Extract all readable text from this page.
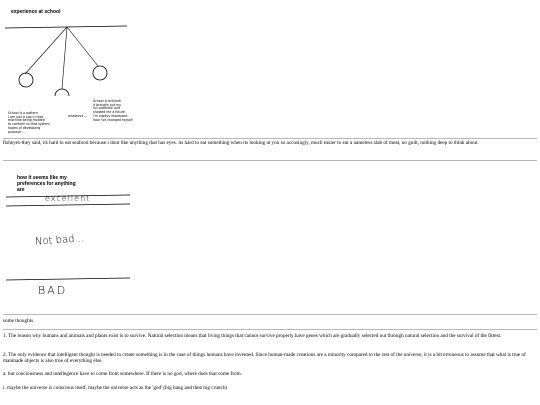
experience at school
School is a pattern.
I am just a cog in that
machine being molded
to conform to that system
hopes of developing
purpose ...
whatevvs ...
School is brilliant!
It brought out my
full potential and
showed me a future.
I'm always impressed
how i've changed myself
fisheyes-they said, its hard to eat seafood because i dont like anything that has eyes. its hard to eat something when its looking at you so accusingly, much easier to eat a nameless slab of meat, no guilt, nothing deep to think about.
how it seems like my
preferences for anything
are
excellent
Not bad...
BAD
some thoughts
1. The reason why humans and animals and plants exist is to survive. Natural selection means that living things that cannot survive properly have genes which are gradually selected out through natural selection and the survival of the fittest.
2. The only evidence that intelligent thought is needed to create something is in the case of things humans have invented. Since human-made creations are a minority compared to the rest of the universe, it is a bit erroneous to assume that what is true of manmade objects is also true of everything else.
a. but conciousness and intellegence have to come from somewhere. If there is no god, where does that come from.
i. maybe the universe is conscious itself, maybe the universe acts as the 'god' (big bang and then big crunch)
